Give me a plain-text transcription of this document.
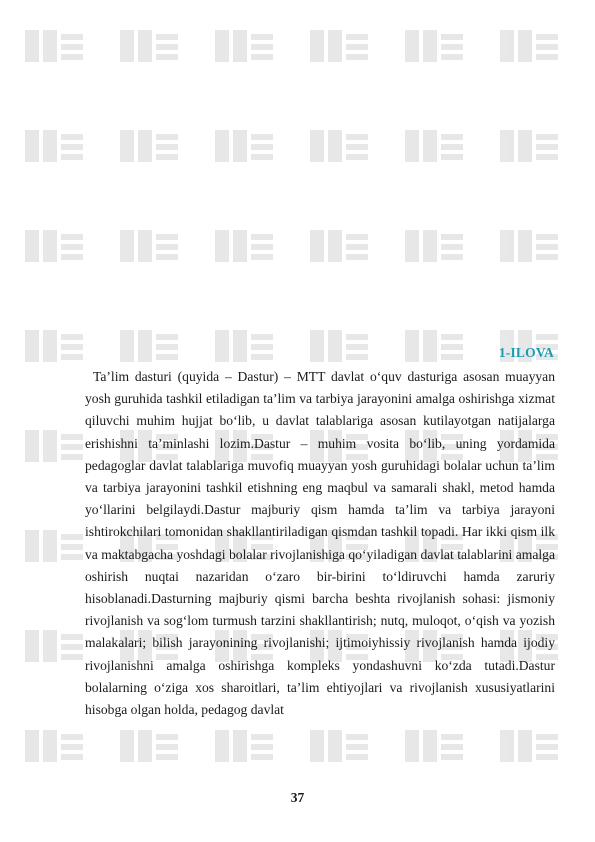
1-ILOVA

Ta’lim dasturi (quyida – Dastur) – MTT davlat o‘quv dasturiga asosan muayyan yosh guruhida tashkil etiladigan ta’lim va tarbiya jarayonini amalga oshirishga xizmat qiluvchi muhim hujjat bo‘lib, u davlat talablariga asosan kutilayotgan natijalarga erishishni ta’minlashi lozim.Dastur – muhim vosita bo‘lib, uning yordamida pedagoglar davlat talablariga muvofiq muayyan yosh guruhidagi bolalar uchun ta’lim va tarbiya jarayonini tashkil etishning eng maqbul va samarali shakl, metod hamda yo‘llarini belgilaydi.Dastur majburiy qism hamda ta’lim va tarbiya jarayoni ishtirokchilari tomonidan shakllantiriladigan qismdan tashkil topadi. Har ikki qism ilk va maktabgacha yoshdagi bolalar rivojlanishiga qo‘yiladigan davlat talablarini amalga oshirish nuqtai nazaridan o‘zaro bir-birini to‘ldiruvchi hamda zaruriy hisoblanadi.Dasturning majburiy qismi barcha beshta rivojlanish sohasi: jismoniy rivojlanish va sog‘lom turmush tarzini shakllantirish; nutq, muloqot, o‘qish va yozish malakalari; bilish jarayonining rivojlanishi; ijtimoiyhissiy rivojlanish hamda ijodiy rivojlanishni amalga oshirishga kompleks yondashuvni ko‘zda tutadi.Dastur bolalarning o‘ziga xos sharoitlari, ta’lim ehtiyojlari va rivojlanish xususiyatlarini hisobga olgan holda, pedagog davlat

37
